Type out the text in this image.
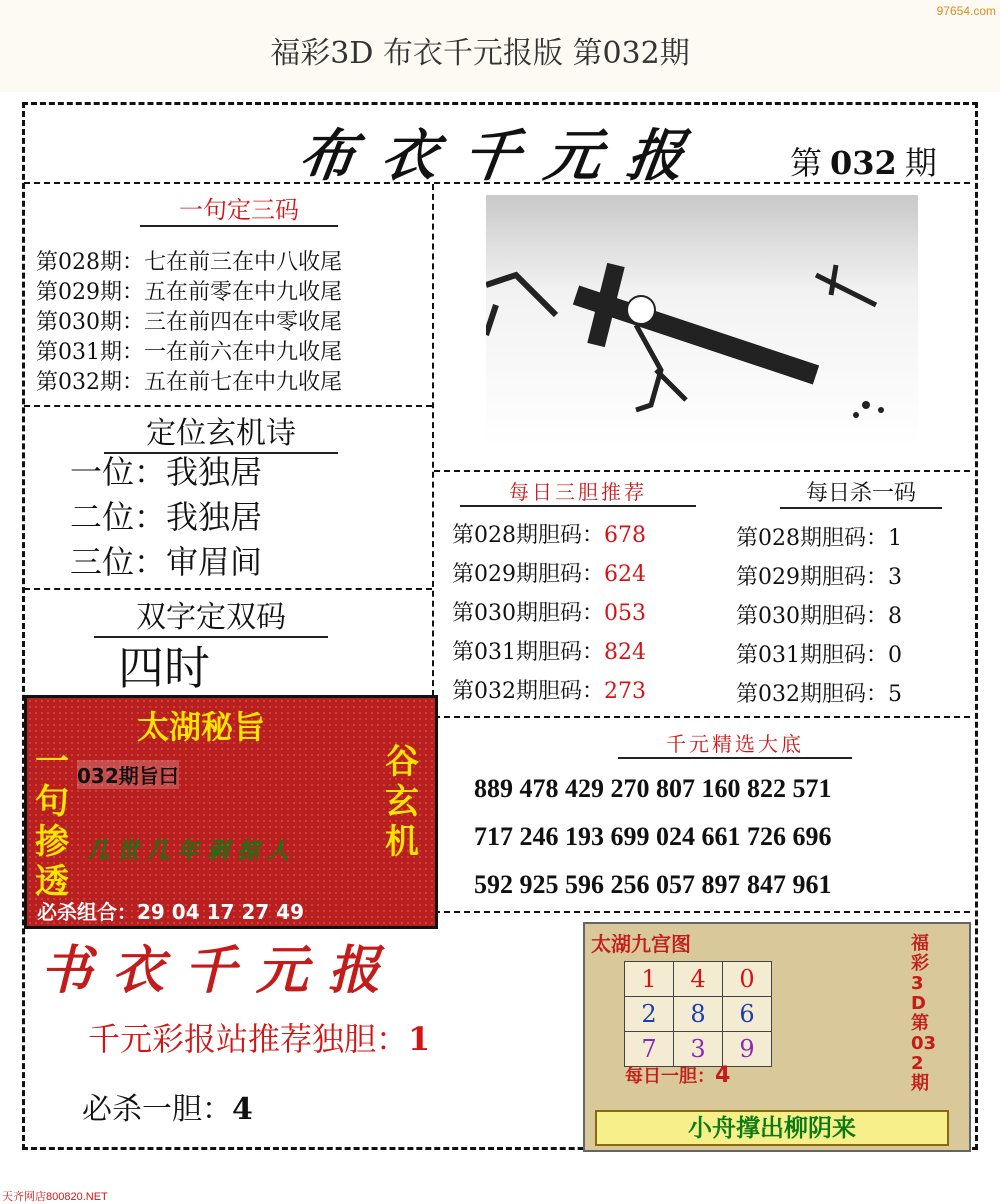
97654.com
福彩3D 布衣千元报版 第032期
布衣千元报 第 032 期
一句定三码
第028期：七在前三在中八收尾
第029期：五在前零在中九收尾
第030期：三在前四在中零收尾
第031期：一在前六在中九收尾
第032期：五在前七在中九收尾
定位玄机诗
一位：我独居
二位：我独居
三位：审眉间
双字定双码
四时
每日三胆推荐
第028期胆码：678
第029期胆码：624
第030期胆码：053
第031期胆码：824
第032期胆码：273
每日杀一码
第028期胆码：1
第029期胆码：3
第030期胆码：8
第031期胆码：0
第032期胆码：5
千元精选大底
889 478 429 270 807 160 822 571
717 246 193 699 024 661 726 696
592 925 596 256 057 897 847 961
太湖秘旨
032期旨曰
一句掺透
谷玄机
几世几年剥掠人
必杀组合：29 04 17 27 49
书衣千元报
千元彩报站推荐独胆：1
必杀一胆：4
太湖九宫图
1 4 0 2 8 6 7 3 9
福彩3D第032期
每日一胆：4
小舟撑出柳阴来
天齐网店800820.NET
